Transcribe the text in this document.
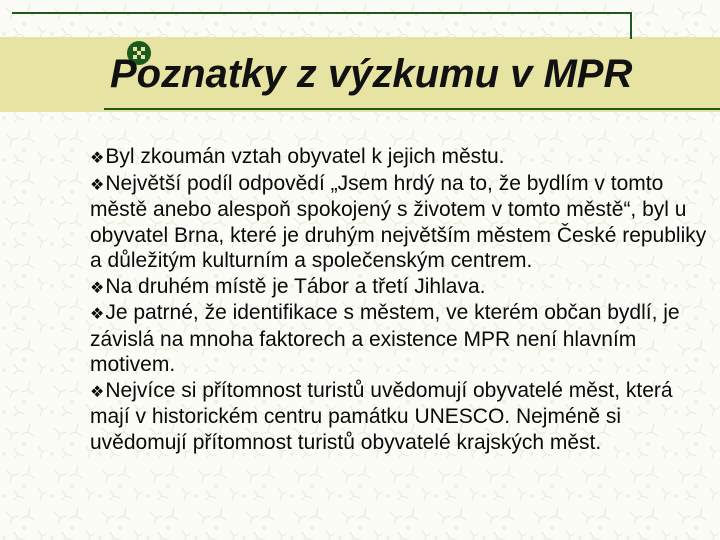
Poznatky z výzkumu v MPR

❖Byl zkoumán vztah obyvatel k jejich městu.

❖Největší podíl odpovědí „Jsem hrdý na to, že bydlím v tomto městě anebo alespoň spokojený s životem v tomto městě“, byl u obyvatel Brna, které je druhým největším městem České republiky a důležitým kulturním a společenským centrem.

❖Na druhém místě je Tábor a třetí Jihlava.

❖Je patrné, že identifikace s městem, ve kterém občan bydlí, je závislá na mnoha faktorech a existence MPR není hlavním motivem.

❖Nejvíce si přítomnost turistů uvědomují obyvatelé měst, která mají v historickém centru památku UNESCO. Nejméně si uvědomují přítomnost turistů obyvatelé krajských měst.
